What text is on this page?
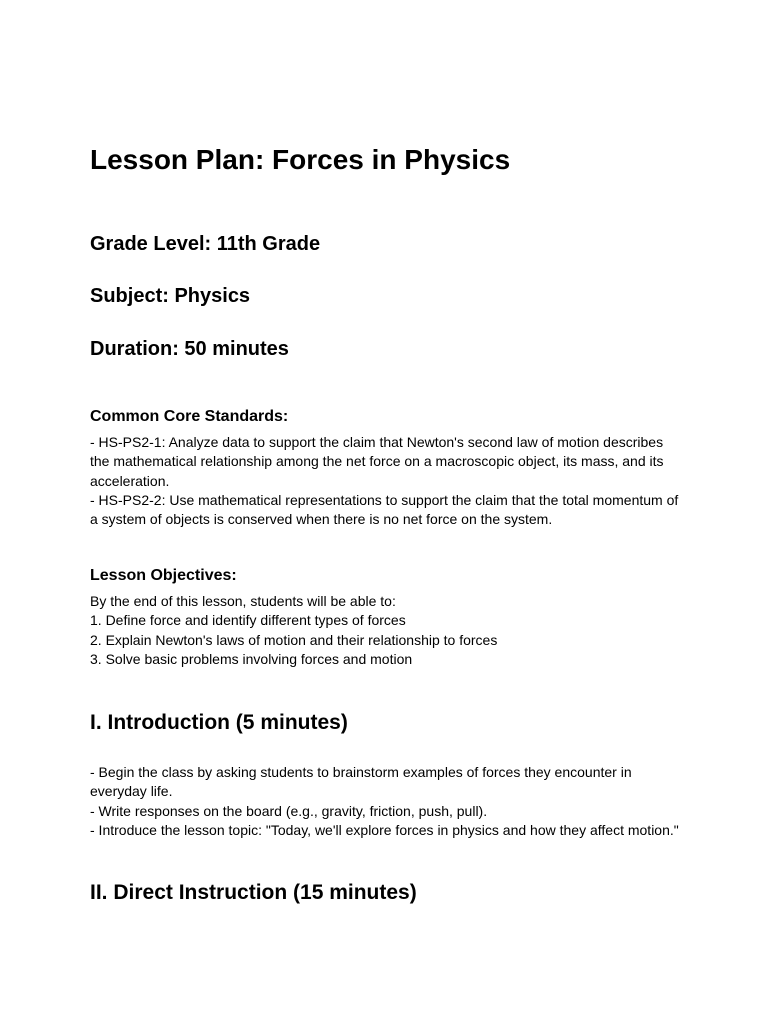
Lesson Plan: Forces in Physics
Grade Level: 11th Grade
Subject: Physics
Duration: 50 minutes
Common Core Standards:

- HS-PS2-1: Analyze data to support the claim that Newton's second law of motion describes the mathematical relationship among the net force on a macroscopic object, its mass, and its acceleration.

- HS-PS2-2: Use mathematical representations to support the claim that the total momentum of a system of objects is conserved when there is no net force on the system.

Lesson Objectives:

By the end of this lesson, students will be able to:

1. Define force and identify different types of forces

2. Explain Newton's laws of motion and their relationship to forces

3. Solve basic problems involving forces and motion

I. Introduction (5 minutes)

- Begin the class by asking students to brainstorm examples of forces they encounter in everyday life.

- Write responses on the board (e.g., gravity, friction, push, pull).

- Introduce the lesson topic: "Today, we'll explore forces in physics and how they affect motion."

II. Direct Instruction (15 minutes)
